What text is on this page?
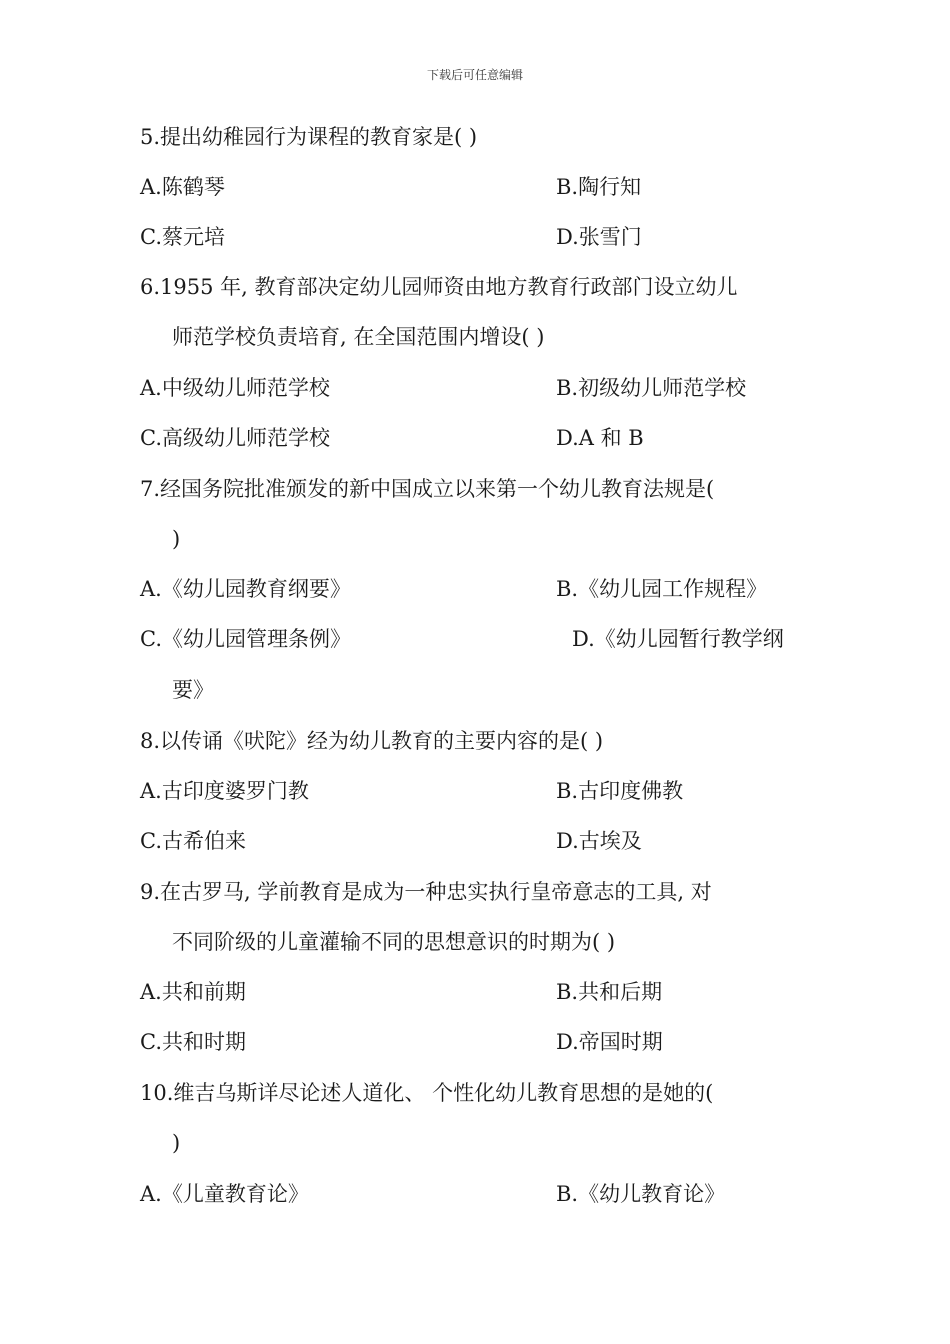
下载后可任意编辑
5.提出幼稚园行为课程的教育家是( )
A.陈鹤琴	B.陶行知
C.蔡元培	D.张雪门
6.1955 年, 教育部决定幼儿园师资由地方教育行政部门设立幼儿
师范学校负责培育, 在全国范围内增设( )
A.中级幼儿师范学校	B.初级幼儿师范学校
C.高级幼儿师范学校	D.A 和 B
7.经国务院批准颁发的新中国成立以来第一个幼儿教育法规是(
)
A.《幼儿园教育纲要》	B.《幼儿园工作规程》
C.《幼儿园管理条例》	D.《幼儿园暂行教学纲
要》
8.以传诵《吠陀》经为幼儿教育的主要内容的是( )
A.古印度婆罗门教	B.古印度佛教
C.古希伯来	D.古埃及
9.在古罗马, 学前教育是成为一种忠实执行皇帝意志的工具, 对
不同阶级的儿童灌输不同的思想意识的时期为( )
A.共和前期	B.共和后期
C.共和时期	D.帝国时期
10.维吉乌斯详尽论述人道化、 个性化幼儿教育思想的是她的(
)
A.《儿童教育论》	B.《幼儿教育论》
